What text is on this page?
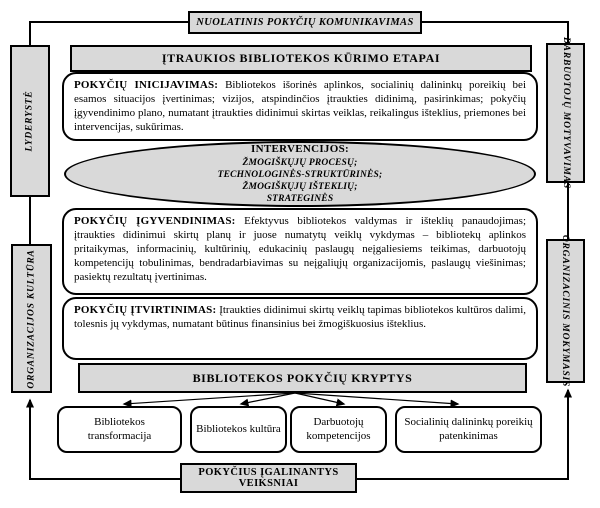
NUOLATINIS POKYČIŲ KOMUNIKAVIMAS
LYDERYSTĖ
ORGANIZACIJOS KULTŪRA
DARBUOTOJŲ MOTYVAVIMAS
ORGANIZACINIS MOKYMASIS
ĮTRAUKIOS BIBLIOTEKOS KŪRIMO ETAPAI
POKYČIŲ INICIJAVIMAS: Bibliotekos išorinės aplinkos, socialinių dalininkų poreikių bei esamos situacijos įvertinimas; vizijos, atspindinčios įtraukties didinimą, pasirinkimas; pokyčių įgyvendinimo plano, numatant įtraukties didinimui skirtas veiklas, reikalingus išteklius, priemones bei intervencijas, sukūrimas.
INTERVENCIJOS:
ŽMOGIŠKŲJŲ PROCESŲ;
TECHNOLOGINĖS-STRUKTŪRINĖS;
ŽMOGIŠKŲJŲ IŠTEKLIŲ;
STRATEGINĖS
POKYČIŲ ĮGYVENDINIMAS: Efektyvus bibliotekos valdymas ir išteklių panaudojimas; įtraukties didinimui skirtų planų ir juose numatytų veiklų vykdymas – bibliotekų aplinkos pritaikymas, informacinių, kultūrinių, edukacinių paslaugų neįgaliesiems teikimas, darbuotojų kompetencijų tobulinimas, bendradarbiavimas su neįgaliųjų organizacijomis, paslaugų viešinimas; pasiektų rezultatų įvertinimas.
POKYČIŲ ĮTVIRTINIMAS: Įtraukties didinimui skirtų veiklų tapimas bibliotekos kultūros dalimi, tolesnis jų vykdymas, numatant būtinus finansinius bei žmogiškuosius išteklius.
BIBLIOTEKOS POKYČIŲ KRYPTYS
Bibliotekos transformacija
Bibliotekos kultūra
Darbuotojų kompetencijos
Socialinių dalininkų poreikių patenkinimas
POKYČIUS ĮGALINANTYS VEIKSNIAI
